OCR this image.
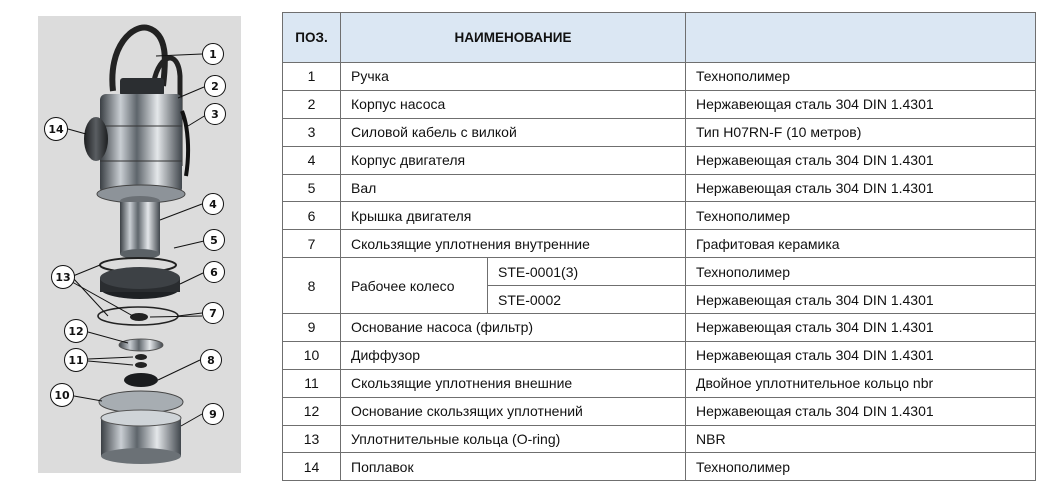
1
2
3
4
5
6
7
8
9
10
11
12
13
14
ПОЗ.	НАИМЕНОВАНИЕ		
1	Ручка		Технополимер
2	Корпус насоса		Нержавеющая сталь 304 DIN 1.4301
3	Силовой кабель с вилкой		Тип H07RN-F (10 метров)
4	Корпус двигателя		Нержавеющая сталь 304 DIN 1.4301
5	Вал		Нержавеющая сталь 304 DIN 1.4301
6	Крышка двигателя		Технополимер
7	Скользящие уплотнения внутренние		Графитовая керамика
8	Рабочее колесо	STE-0001(3)	Технополимер
		STE-0002	Нержавеющая сталь 304 DIN 1.4301
9	Основание насоса (фильтр)		Нержавеющая сталь 304 DIN 1.4301
10	Диффузор		Нержавеющая сталь 304 DIN 1.4301
11	Скользящие уплотнения внешние		Двойное уплотнительное кольцо nbr
12	Основание скользящих уплотнений		Нержавеющая сталь 304 DIN 1.4301
13	Уплотнительные кольца (O-ring)		NBR
14	Поплавок		Технополимер
